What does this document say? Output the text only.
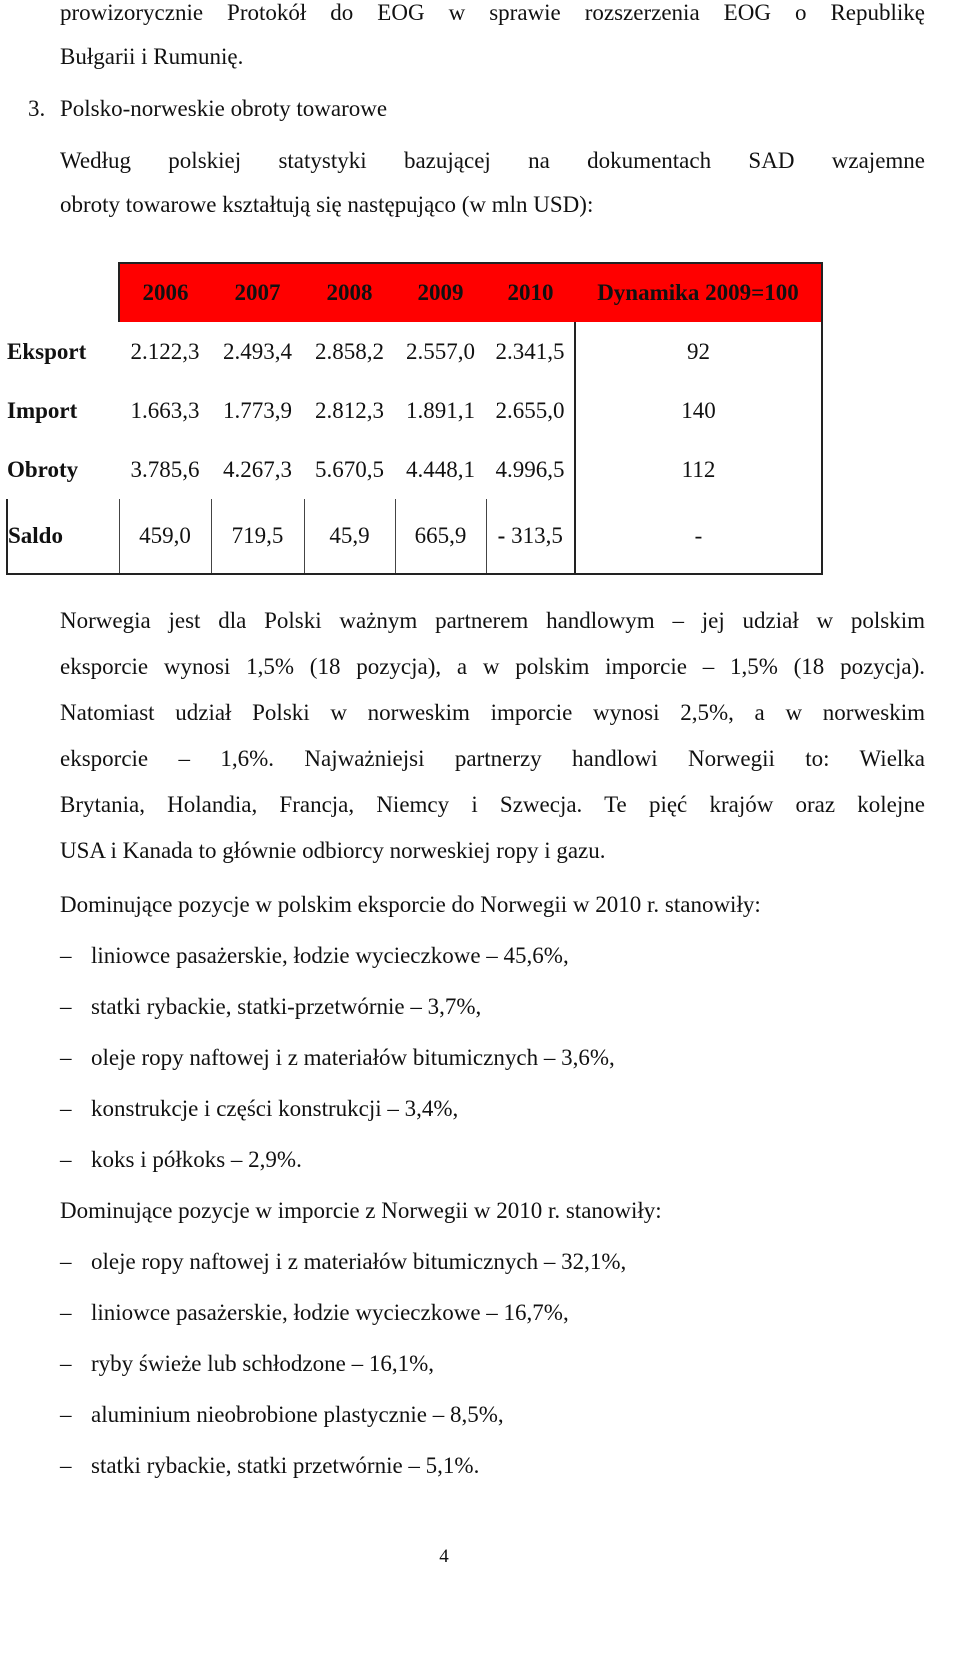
prowizorycznie Protokół do EOG w sprawie rozszerzenia EOG o Republikę
Bułgarii i Rumunię.
3. Polsko-norweskie obroty towarowe
Według polskiej statystyki bazującej na dokumentach SAD wzajemne
obroty towarowe kształtują się następująco (w mln USD):
	2006	2007	2008	2009	2010	Dynamika 2009=100
Eksport	2.122,3	2.493,4	2.858,2	2.557,0	2.341,5	92
Import	1.663,3	1.773,9	2.812,3	1.891,1	2.655,0	140
Obroty	3.785,6	4.267,3	5.670,5	4.448,1	4.996,5	112
Saldo	459,0	719,5	45,9	665,9	- 313,5	-
Norwegia jest dla Polski ważnym partnerem handlowym – jej udział w polskim
eksporcie wynosi 1,5% (18 pozycja), a w polskim imporcie – 1,5% (18 pozycja).
Natomiast udział Polski w norweskim imporcie wynosi 2,5%, a w norweskim
eksporcie – 1,6%. Najważniejsi partnerzy handlowi Norwegii to: Wielka
Brytania, Holandia, Francja, Niemcy i Szwecja. Te pięć krajów oraz kolejne
USA i Kanada to głównie odbiorcy norweskiej ropy i gazu.
Dominujące pozycje w polskim eksporcie do Norwegii w 2010 r. stanowiły:
– liniowce pasażerskie, łodzie wycieczkowe – 45,6%,
– statki rybackie, statki-przetwórnie – 3,7%,
– oleje ropy naftowej i z materiałów bitumicznych – 3,6%,
– konstrukcje i części konstrukcji – 3,4%,
– koks i półkoks – 2,9%.
Dominujące pozycje w imporcie z Norwegii w 2010 r. stanowiły:
– oleje ropy naftowej i z materiałów bitumicznych – 32,1%,
– liniowce pasażerskie, łodzie wycieczkowe – 16,7%,
– ryby świeże lub schłodzone – 16,1%,
– aluminium nieobrobione plastycznie – 8,5%,
– statki rybackie, statki przetwórnie – 5,1%.
4
